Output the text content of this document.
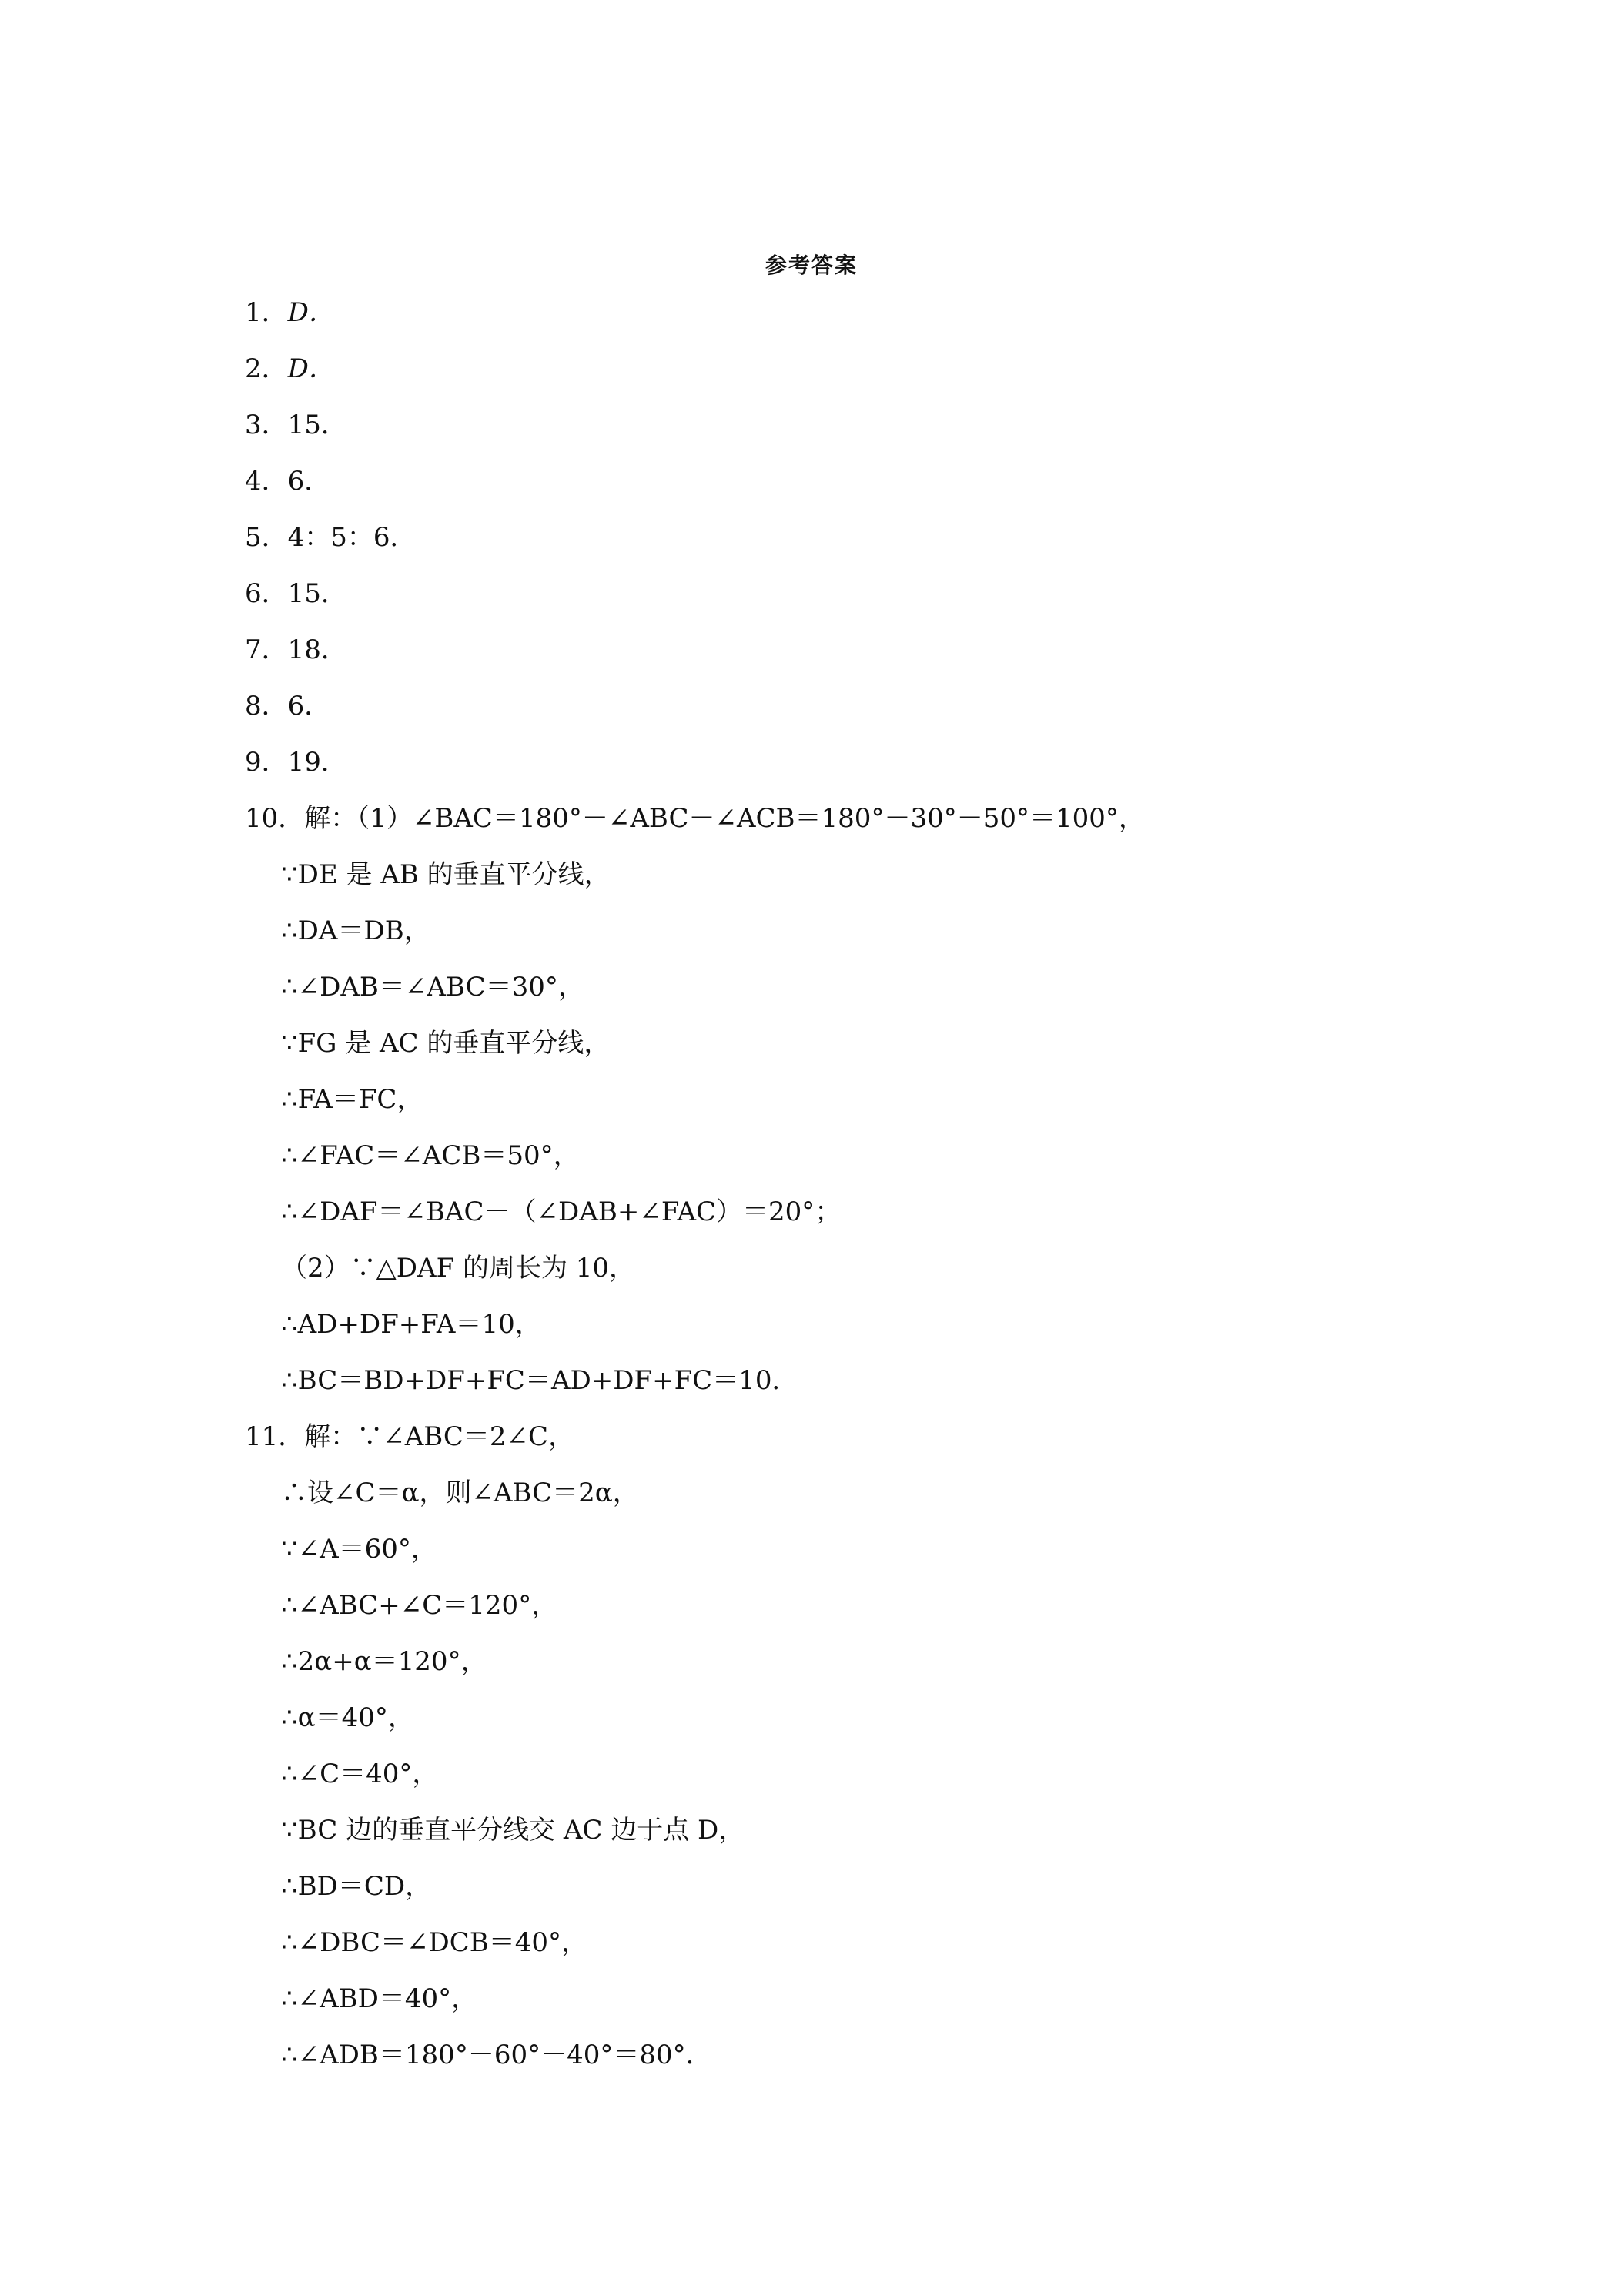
参考答案
1．D．
2．D．
3．15．
4．6．
5．4：5：6．
6．15．
7．18．
8．6．
9．19．
10．解：（1）∠BAC＝180°－∠ABC－∠ACB＝180°－30°－50°＝100°，
∵DE 是 AB 的垂直平分线，
∴DA＝DB，
∴∠DAB＝∠ABC＝30°，
∵FG 是 AC 的垂直平分线，
∴FA＝FC，
∴∠FAC＝∠ACB＝50°，
∴∠DAF＝∠BAC－（∠DAB+∠FAC）＝20°；
（2）∵△DAF 的周长为 10，
∴AD+DF+FA＝10，
∴BC＝BD+DF+FC＝AD+DF+FC＝10．
11．解：∵∠ABC＝2∠C，
∴设∠C＝α，则∠ABC＝2α，
∵∠A＝60°，
∴∠ABC+∠C＝120°，
∴2α+α＝120°，
∴α＝40°，
∴∠C＝40°，
∵BC 边的垂直平分线交 AC 边于点 D，
∴BD＝CD，
∴∠DBC＝∠DCB＝40°，
∴∠ABD＝40°，
∴∠ADB＝180°－60°－40°＝80°．
